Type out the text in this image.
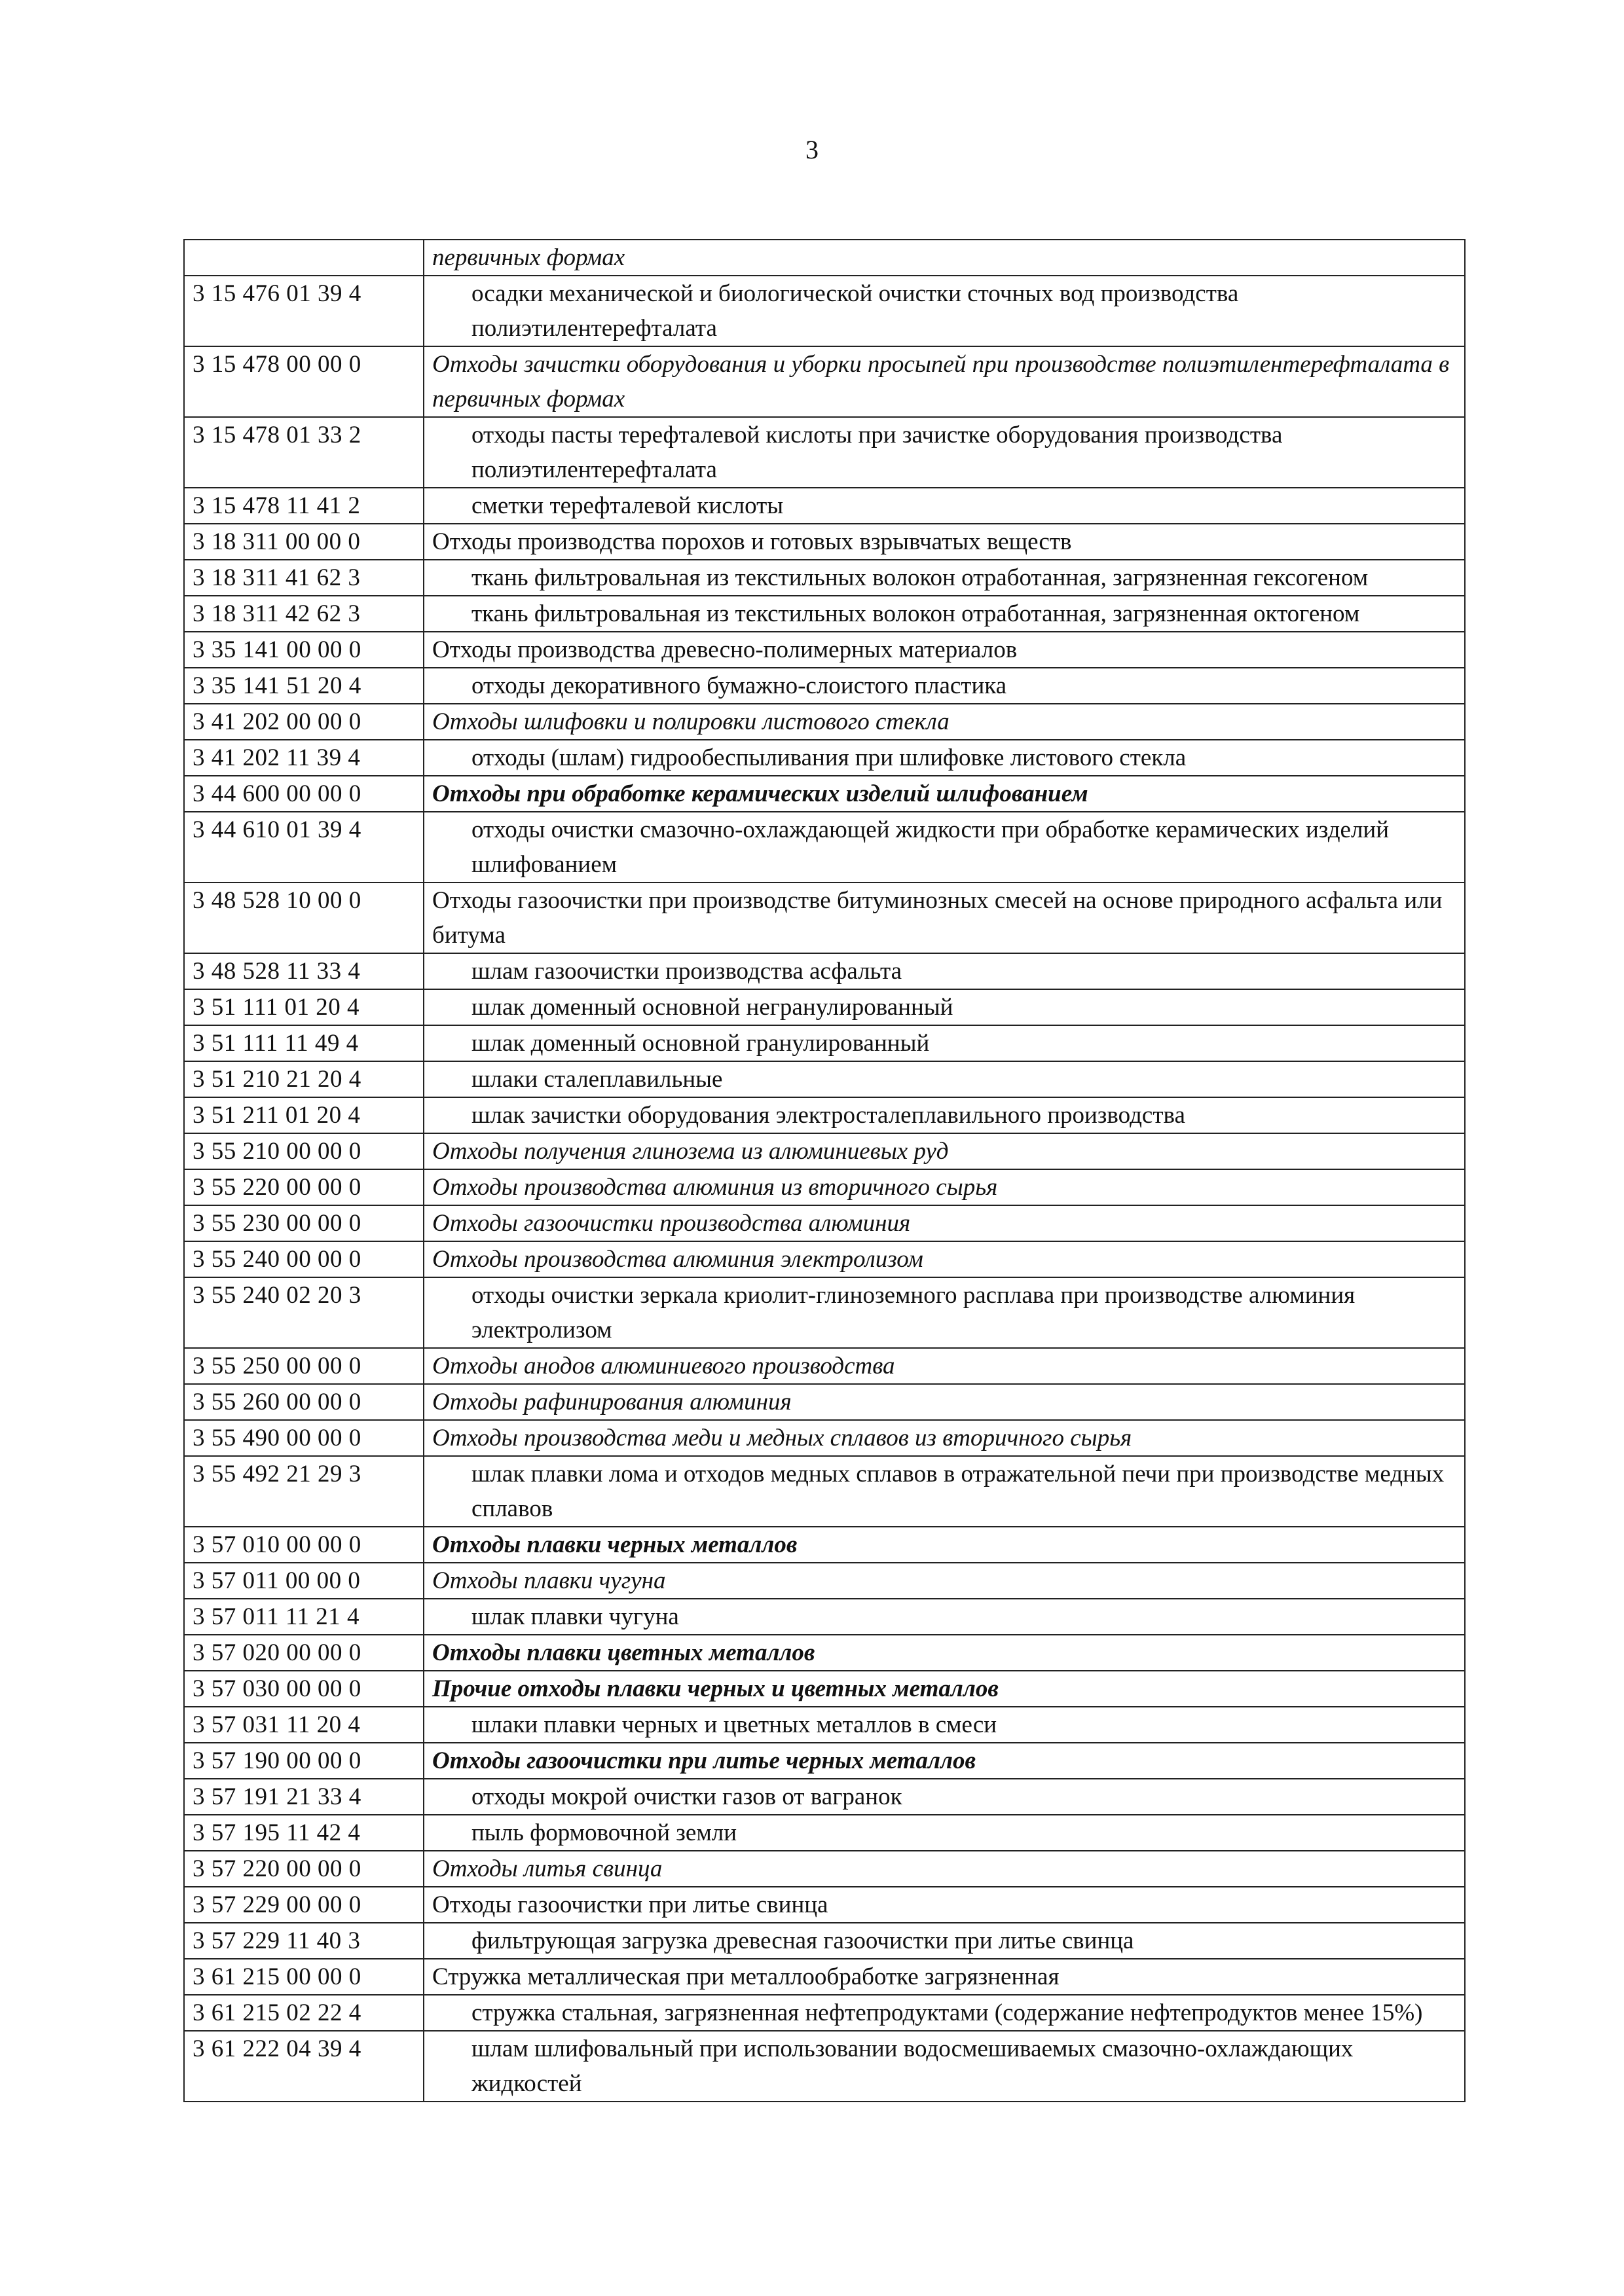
3
	первичных формах
3 15 476 01 39 4	осадки механической и биологической очистки сточных вод производства полиэтилентерефталата
3 15 478 00 00 0	Отходы зачистки оборудования и уборки просыпей при производстве полиэтилентерефталата в первичных формах
3 15 478 01 33 2	отходы пасты терефталевой кислоты при зачистке оборудования производства полиэтилентерефталата
3 15 478 11 41 2	сметки терефталевой кислоты
3 18 311 00 00 0	Отходы производства порохов и готовых взрывчатых веществ
3 18 311 41 62 3	ткань фильтровальная из текстильных волокон отработанная, загрязненная гексогеном
3 18 311 42 62 3	ткань фильтровальная из текстильных волокон отработанная, загрязненная октогеном
3 35 141 00 00 0	Отходы производства древесно-полимерных материалов
3 35 141 51 20 4	отходы декоративного бумажно-слоистого пластика
3 41 202 00 00 0	Отходы шлифовки и полировки листового стекла
3 41 202 11 39 4	отходы (шлам) гидрообеспыливания при шлифовке листового стекла
3 44 600 00 00 0	Отходы при обработке керамических изделий шлифованием
3 44 610 01 39 4	отходы очистки смазочно-охлаждающей жидкости при обработке керамических изделий шлифованием
3 48 528 10 00 0	Отходы газоочистки при производстве битуминозных смесей на основе природного асфальта или битума
3 48 528 11 33 4	шлам газоочистки производства асфальта
3 51 111 01 20 4	шлак доменный основной негранулированный
3 51 111 11 49 4	шлак доменный основной гранулированный
3 51 210 21 20 4	шлаки сталеплавильные
3 51 211 01 20 4	шлак зачистки оборудования электросталеплавильного производства
3 55 210 00 00 0	Отходы получения глинозема из алюминиевых руд
3 55 220 00 00 0	Отходы производства алюминия из вторичного сырья
3 55 230 00 00 0	Отходы газоочистки производства алюминия
3 55 240 00 00 0	Отходы производства алюминия электролизом
3 55 240 02 20 3	отходы очистки зеркала криолит-глиноземного расплава при производстве алюминия электролизом
3 55 250 00 00 0	Отходы анодов алюминиевого производства
3 55 260 00 00 0	Отходы рафинирования алюминия
3 55 490 00 00 0	Отходы производства меди и медных сплавов из вторичного сырья
3 55 492 21 29 3	шлак плавки лома и отходов медных сплавов в отражательной печи при производстве медных сплавов
3 57 010 00 00 0	Отходы плавки черных металлов
3 57 011 00 00 0	Отходы плавки чугуна
3 57 011 11 21 4	шлак плавки чугуна
3 57 020 00 00 0	Отходы плавки цветных металлов
3 57 030 00 00 0	Прочие отходы плавки черных и цветных металлов
3 57 031 11 20 4	шлаки плавки черных и цветных металлов в смеси
3 57 190 00 00 0	Отходы газоочистки при литье черных металлов
3 57 191 21 33 4	отходы мокрой очистки газов от вагранок
3 57 195 11 42 4	пыль формовочной земли
3 57 220 00 00 0	Отходы литья свинца
3 57 229 00 00 0	Отходы газоочистки при литье свинца
3 57 229 11 40 3	фильтрующая загрузка древесная газоочистки при литье свинца
3 61 215 00 00 0	Стружка металлическая при металлообработке загрязненная
3 61 215 02 22 4	стружка стальная, загрязненная нефтепродуктами (содержание нефтепродуктов менее 15%)
3 61 222 04 39 4	шлам шлифовальный при использовании водосмешиваемых смазочно-охлаждающих жидкостей
